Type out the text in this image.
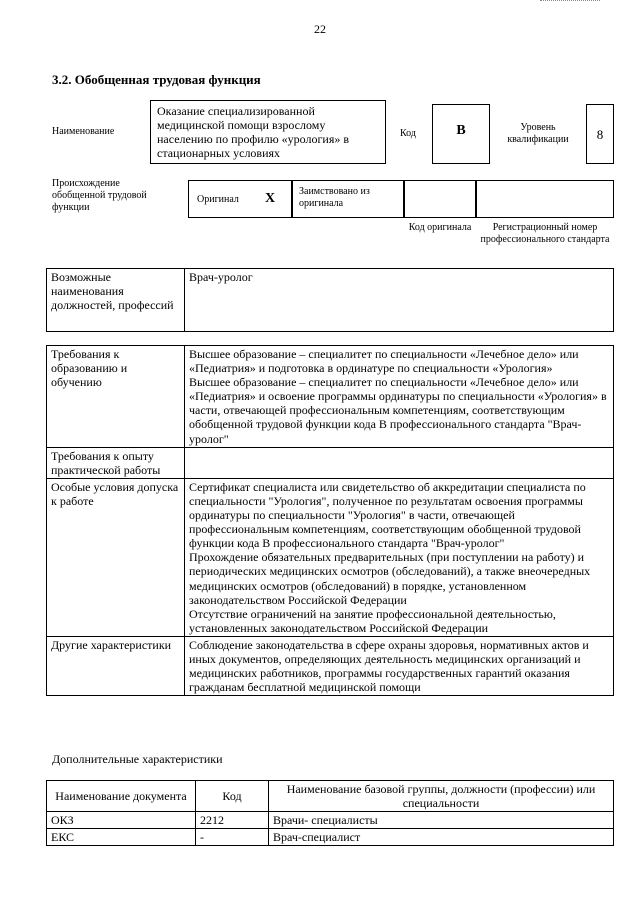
22
3.2. Обобщенная трудовая функция
Наименование
Оказание специализированной медицинской помощи взрослому населению по профилю «урология» в стационарных условиях
Код	B	Уровень квалификации	8
Происхождение обобщенной трудовой функции
Оригинал X Заимствовано из оригинала
Код оригинала	Регистрационный номер профессионального стандарта
Возможные наименования должностей, профессий	Врач-уролог
Требования к образованию и обучению	Высшее образование – специалитет по специальности «Лечебное дело» или «Педиатрия» и подготовка в ординатуре по специальности «Урология»
Высшее образование – специалитет по специальности «Лечебное дело» или «Педиатрия» и освоение программы ординатуры по специальности «Урология» в части, отвечающей профессиональным компетенциям, соответствующим обобщенной трудовой функции кода B профессионального стандарта "Врач-уролог"
Требования к опыту практической работы	
Особые условия допуска к работе	Сертификат специалиста или свидетельство об аккредитации специалиста по специальности "Урология", полученное по результатам освоения программы ординатуры по специальности "Урология" в части, отвечающей профессиональным компетенциям, соответствующим обобщенной трудовой функции кода B профессионального стандарта "Врач-уролог"
Прохождение обязательных предварительных (при поступлении на работу) и периодических медицинских осмотров (обследований), а также внеочередных медицинских осмотров (обследований) в порядке, установленном законодательством Российской Федерации
Отсутствие ограничений на занятие профессиональной деятельностью, установленных законодательством Российской Федерации
Другие характеристики	Соблюдение законодательства в сфере охраны здоровья, нормативных актов и иных документов, определяющих деятельность медицинских организаций и медицинских работников, программы государственных гарантий оказания гражданам бесплатной медицинской помощи
Дополнительные характеристики
Наименование документа	Код	Наименование базовой группы, должности (профессии) или специальности
ОКЗ	2212	Врачи- специалисты
ЕКС	-	Врач-специалист
